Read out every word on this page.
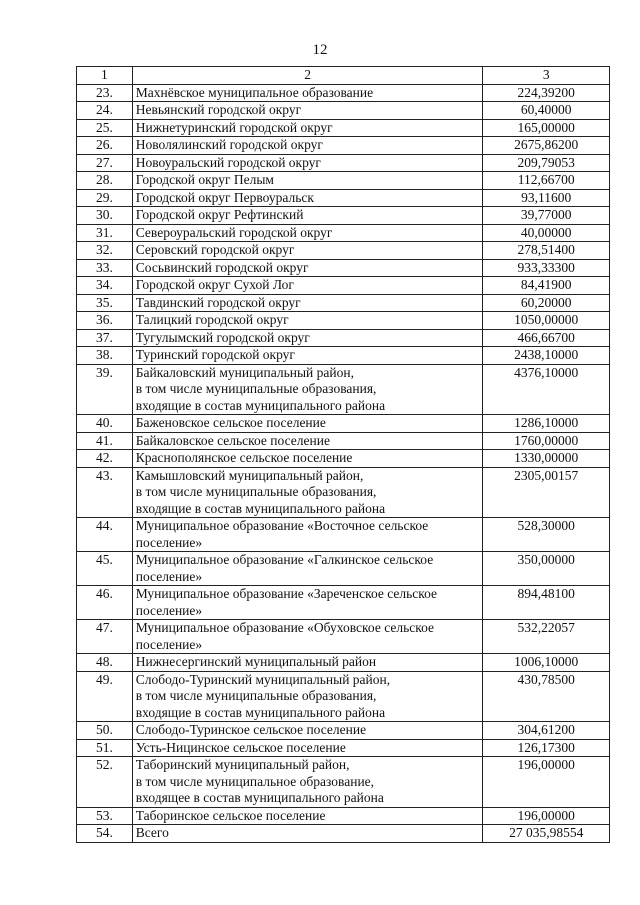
12
1	2	3
23.	Махнёвское муниципальное образование	224,39200
24.	Невьянский городской округ	60,40000
25.	Нижнетуринский городской округ	165,00000
26.	Новолялинский городской округ	2675,86200
27.	Новоуральский городской округ	209,79053
28.	Городской округ Пелым	112,66700
29.	Городской округ Первоуральск	93,11600
30.	Городской округ Рефтинский	39,77000
31.	Североуральский городской округ	40,00000
32.	Серовский городской округ	278,51400
33.	Сосьвинский городской округ	933,33300
34.	Городской округ Сухой Лог	84,41900
35.	Тавдинский городской округ	60,20000
36.	Талицкий городской округ	1050,00000
37.	Тугулымский городской округ	466,66700
38.	Туринский городской округ	2438,10000
39.	Байкаловский муниципальный район,
в том числе муниципальные образования,
входящие в состав муниципального района	4376,10000
40.	Баженовское сельское поселение	1286,10000
41.	Байкаловское сельское поселение	1760,00000
42.	Краснополянское сельское поселение	1330,00000
43.	Камышловский муниципальный район,
в том числе муниципальные образования,
входящие в состав муниципального района	2305,00157
44.	Муниципальное образование «Восточное сельское
поселение»	528,30000
45.	Муниципальное образование «Галкинское сельское
поселение»	350,00000
46.	Муниципальное образование «Зареченское сельское
поселение»	894,48100
47.	Муниципальное образование «Обуховское сельское
поселение»	532,22057
48.	Нижнесергинский муниципальный район	1006,10000
49.	Слободо-Туринский муниципальный район,
в том числе муниципальные образования,
входящие в состав муниципального района	430,78500
50.	Слободо-Туринское сельское поселение	304,61200
51.	Усть-Ницинское сельское поселение	126,17300
52.	Таборинский муниципальный район,
в том числе муниципальное образование,
входящее в состав муниципального района	196,00000
53.	Таборинское сельское поселение	196,00000
54.	Всего	27 035,98554
